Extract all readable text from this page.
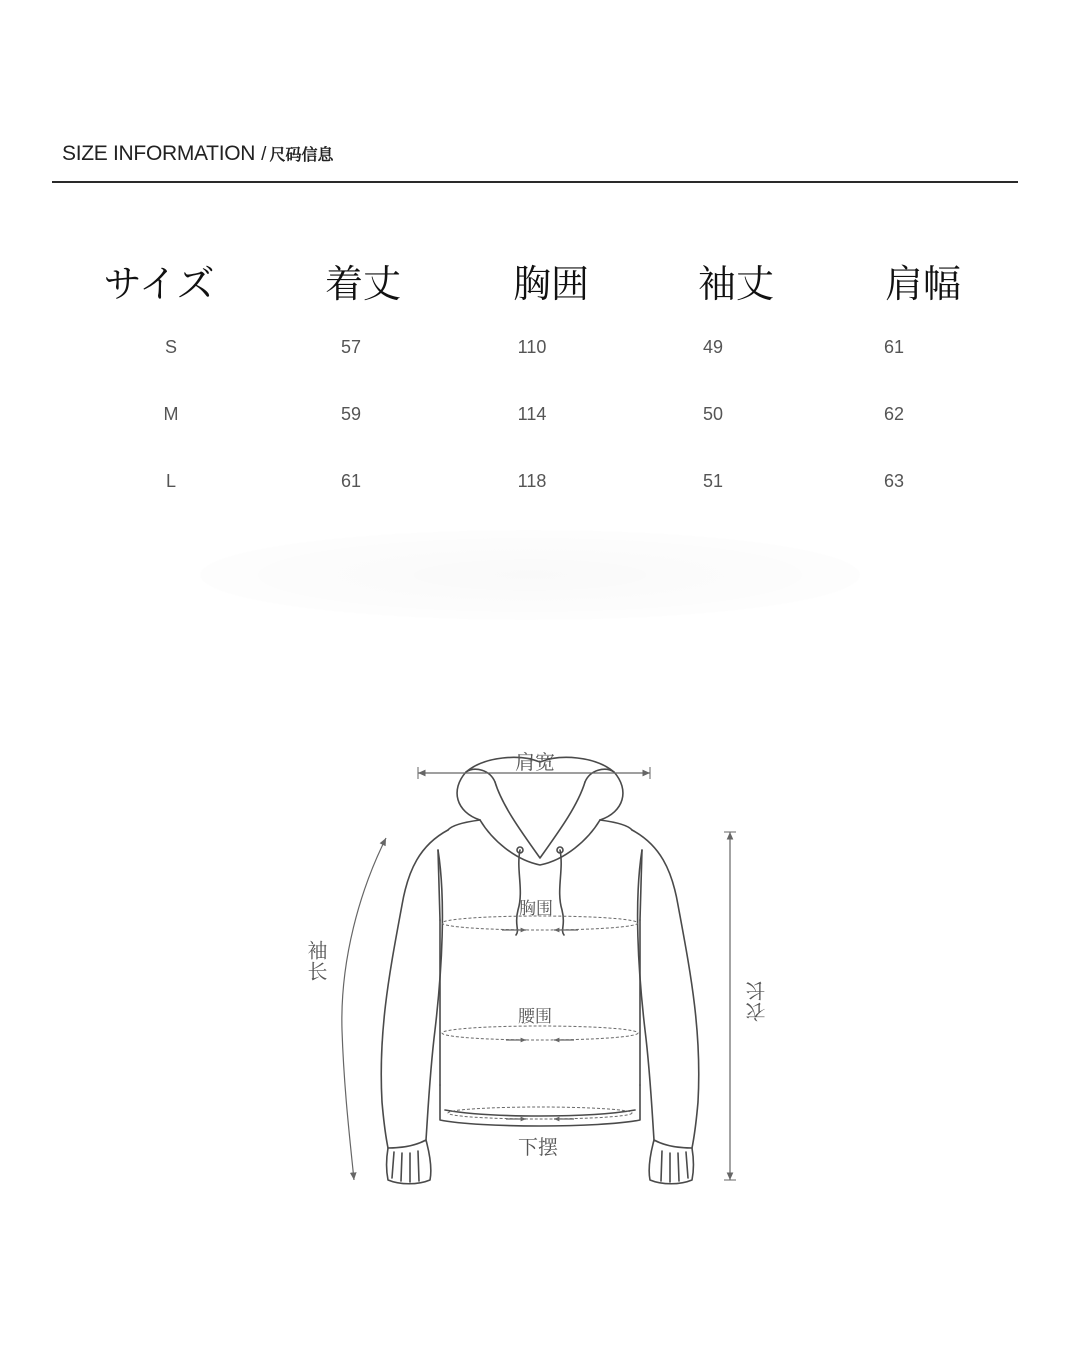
SIZE INFORMATION / 尺码信息
サイズ	着丈	胸囲	袖丈	肩幅
S	57	110	49	61
M	59	114	50	62
L	61	118	51	63
肩宽
胸围
腰围
下摆
袖长
衣长
